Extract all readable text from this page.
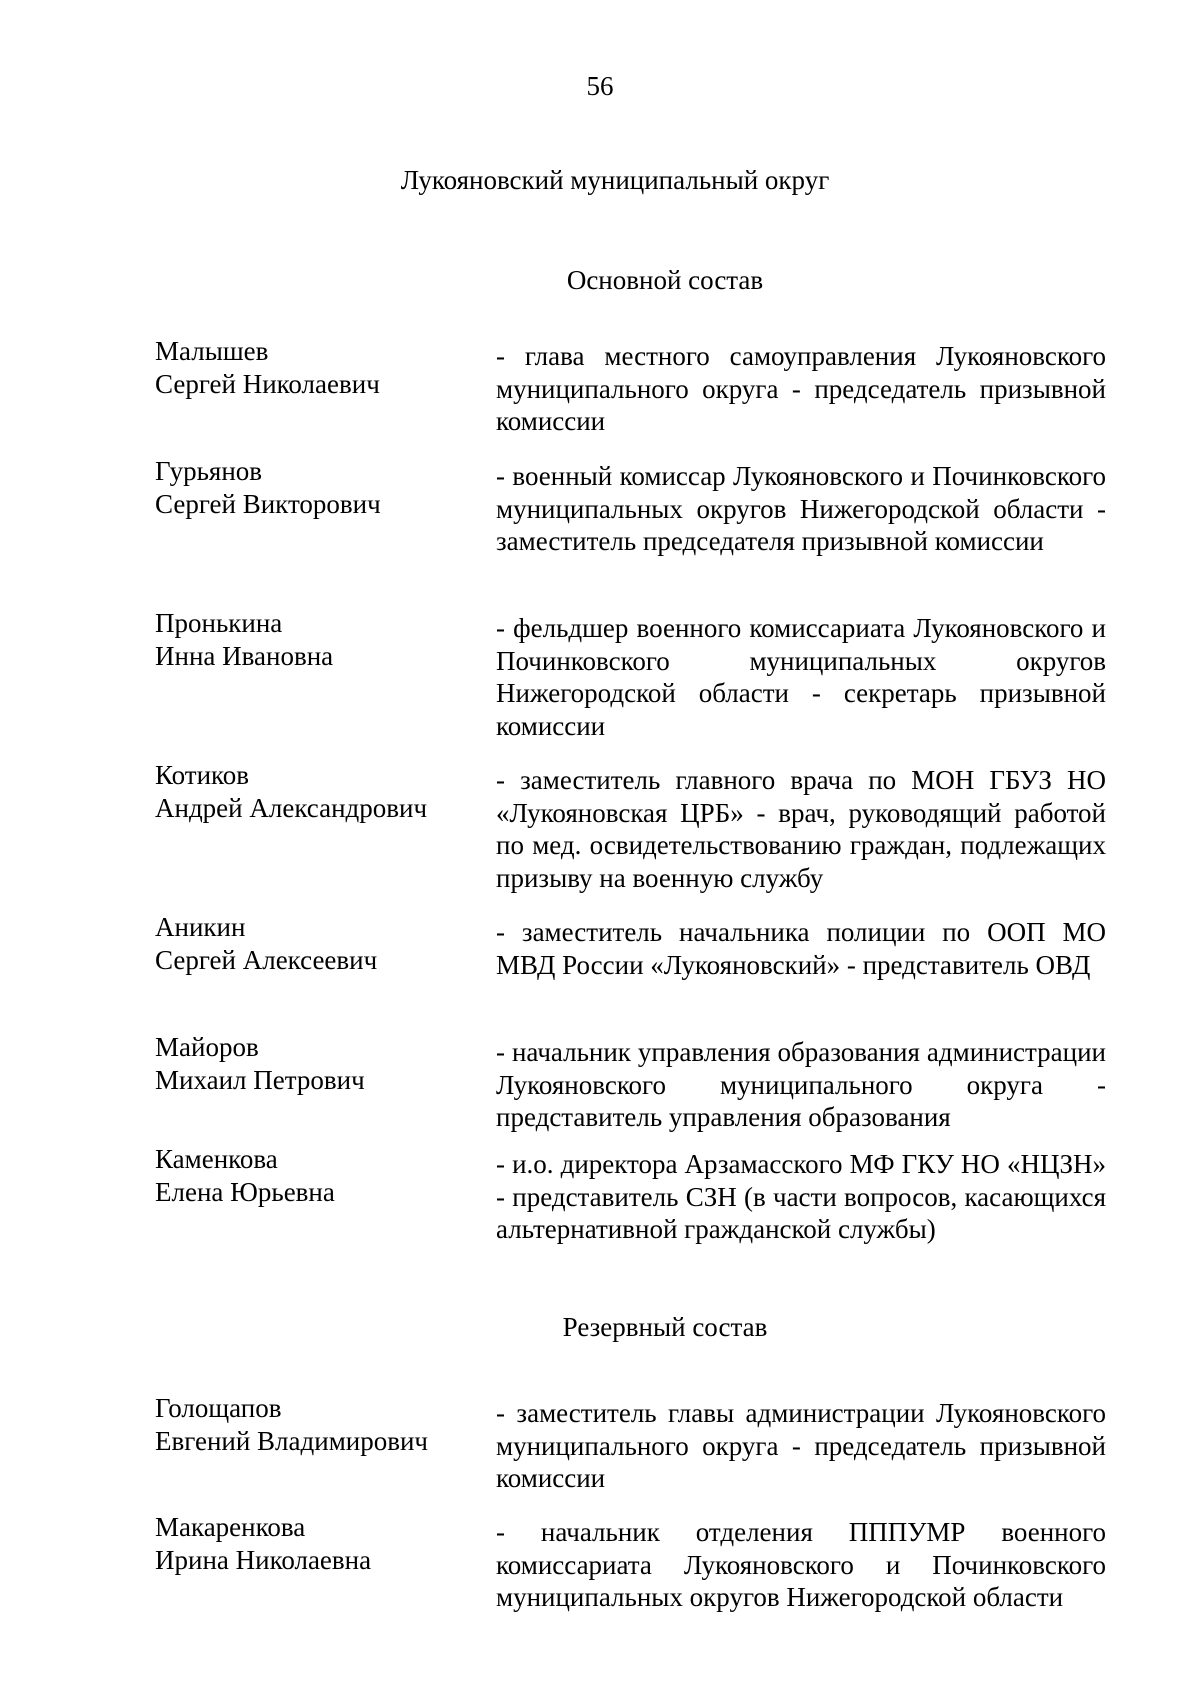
56
Лукояновский муниципальный округ
Основной состав
Малышев
Сергей Николаевич
- глава местного самоуправления Лукояновского муниципального округа - председатель призывной комиссии
Гурьянов
Сергей Викторович
- военный комиссар Лукояновского и Починковского муниципальных округов Нижегородской области - заместитель председателя призывной комиссии
Пронькина
Инна Ивановна
- фельдшер военного комиссариата Лукояновского и Починковского муниципальных округов Нижегородской области - секретарь призывной комиссии
Котиков
Андрей Александрович
- заместитель главного врача по МОН ГБУЗ НО «Лукояновская ЦРБ» - врач, руководящий работой по мед. освидетельствованию граждан, подлежащих призыву на военную службу
Аникин
Сергей Алексеевич
- заместитель начальника полиции по ООП МО МВД России «Лукояновский» - представитель ОВД
Майоров
Михаил Петрович
- начальник управления образования администрации Лукояновского муниципального округа - представитель управления образования
Каменкова
Елена Юрьевна
- и.о. директора Арзамасского МФ ГКУ НО «НЦЗН» - представитель СЗН (в части вопросов, касающихся альтернативной гражданской службы)
Резервный состав
Голощапов
Евгений Владимирович
- заместитель главы администрации Лукояновского муниципального округа - председатель призывной комиссии
Макаренкова
Ирина Николаевна
- начальник отделения ПППУМР военного комиссариата Лукояновского и Починковского муниципальных округов Нижегородской области
